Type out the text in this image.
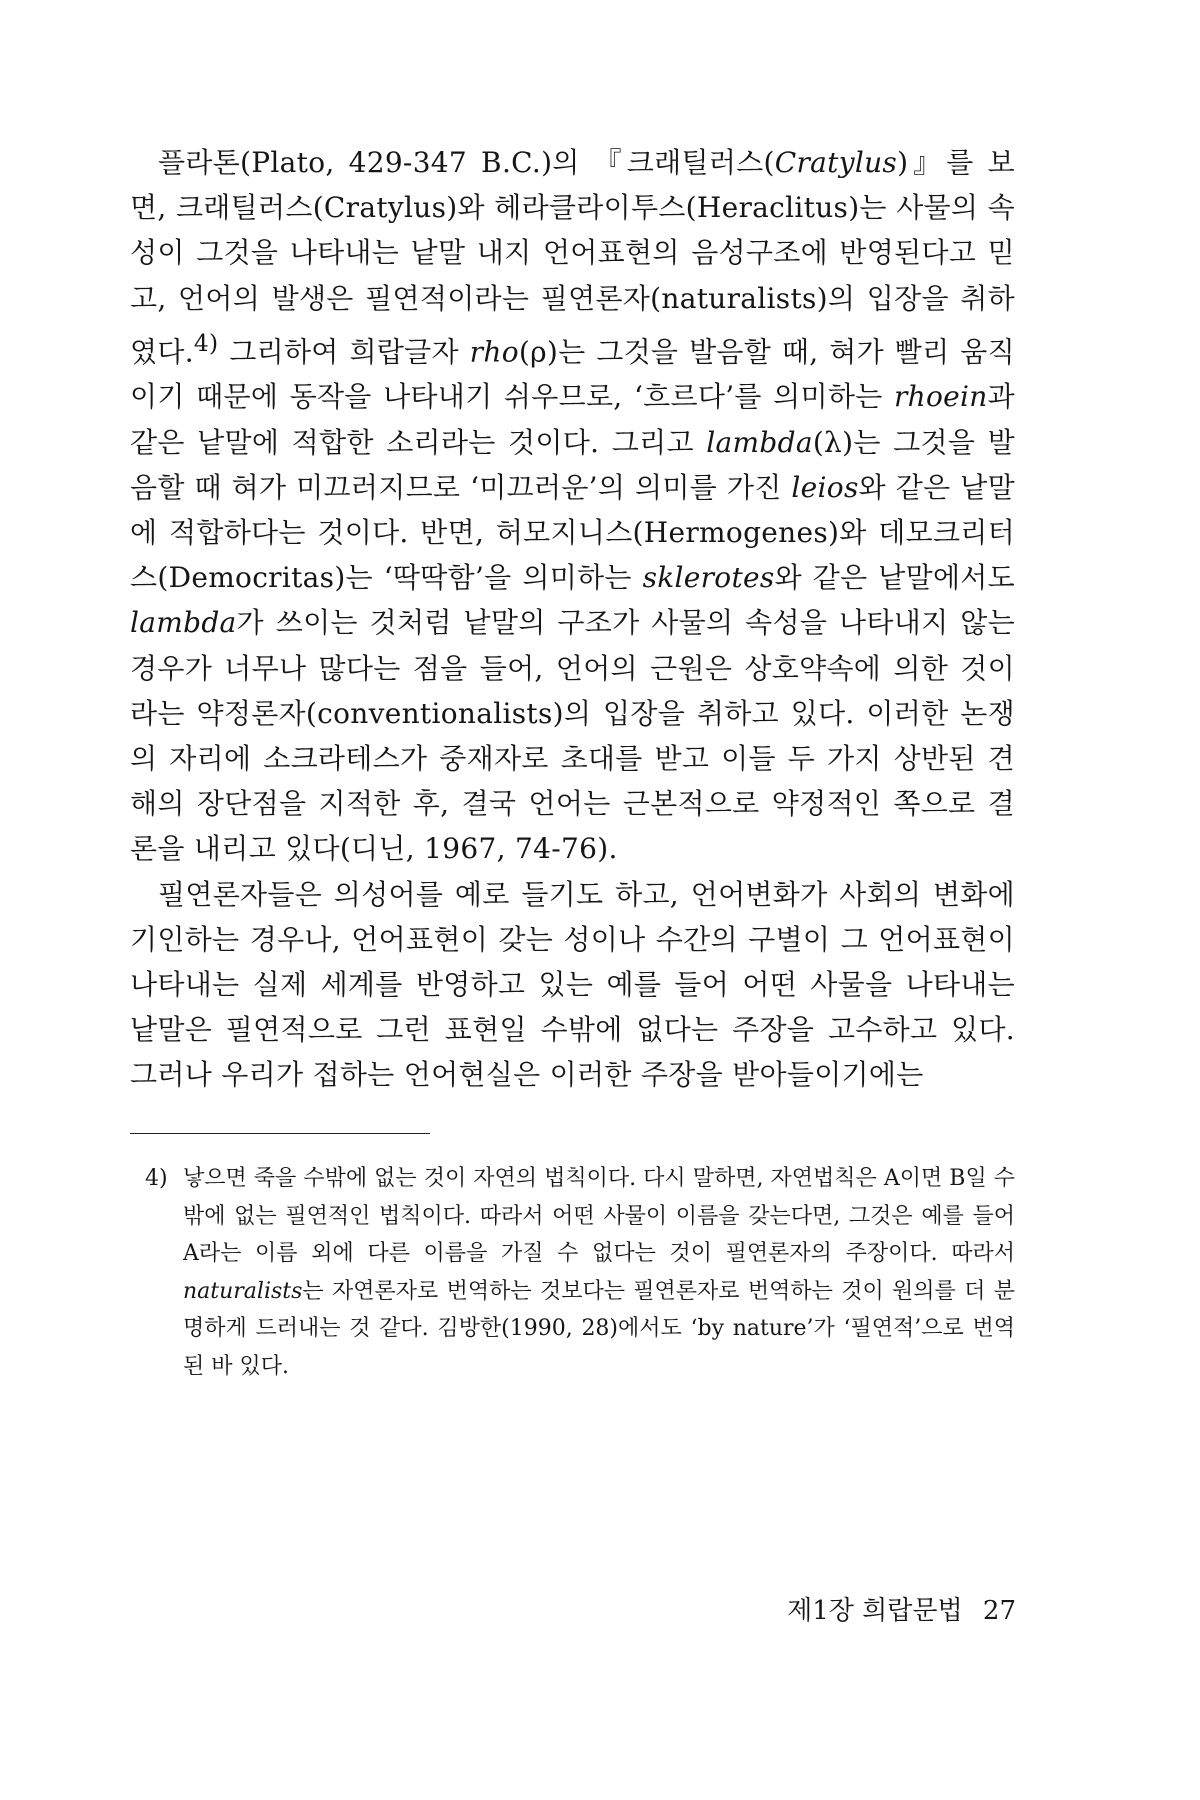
플라톤(Plato, 429-347 B.C.)의 『크래틸러스(Cratylus)』를 보면, 크래틸러스(Cratylus)와 헤라클라이투스(Heraclitus)는 사물의 속성이 그것을 나타내는 낱말 내지 언어표현의 음성구조에 반영된다고 믿고, 언어의 발생은 필연적이라는 필연론자(naturalists)의 입장을 취하였다.$^{4)}$ 그리하여 희랍글자 rho(ρ)는 그것을 발음할 때, 혀가 빨리 움직이기 때문에 동작을 나타내기 쉬우므로, ‘흐르다’를 의미하는 rhoein과 같은 낱말에 적합한 소리라는 것이다. 그리고 lambda(λ)는 그것을 발음할 때 혀가 미끄러지므로 ‘미끄러운’의 의미를 가진 leios와 같은 낱말에 적합하다는 것이다. 반면, 허모지니스(Hermogenes)와 데모크리터스(Democritas)는 ‘딱딱함’을 의미하는 sklerotes와 같은 낱말에서도 lambda가 쓰이는 것처럼 낱말의 구조가 사물의 속성을 나타내지 않는 경우가 너무나 많다는 점을 들어, 언어의 근원은 상호약속에 의한 것이라는 약정론자(conventionalists)의 입장을 취하고 있다. 이러한 논쟁의 자리에 소크라테스가 중재자로 초대를 받고 이들 두 가지 상반된 견해의 장단점을 지적한 후, 결국 언어는 근본적으로 약정적인 쪽으로 결론을 내리고 있다(디닌, 1967, 74-76).

필연론자들은 의성어를 예로 들기도 하고, 언어변화가 사회의 변화에 기인하는 경우나, 언어표현이 갖는 성이나 수간의 구별이 그 언어표현이 나타내는 실제 세계를 반영하고 있는 예를 들어 어떤 사물을 나타내는 낱말은 필연적으로 그런 표현일 수밖에 없다는 주장을 고수하고 있다. 그러나 우리가 접하는 언어현실은 이러한 주장을 받아들이기에는

4) 낳으면 죽을 수밖에 없는 것이 자연의 법칙이다. 다시 말하면, 자연법칙은 A이면 B일 수밖에 없는 필연적인 법칙이다. 따라서 어떤 사물이 이름을 갖는다면, 그것은 예를 들어 A라는 이름 외에 다른 이름을 가질 수 없다는 것이 필연론자의 주장이다. 따라서 naturalists는 자연론자로 번역하는 것보다는 필연론자로 번역하는 것이 원의를 더 분명하게 드러내는 것 같다. 김방한(1990, 28)에서도 ‘by nature’가 ‘필연적’으로 번역된 바 있다.
제1장 희랍문법 27
